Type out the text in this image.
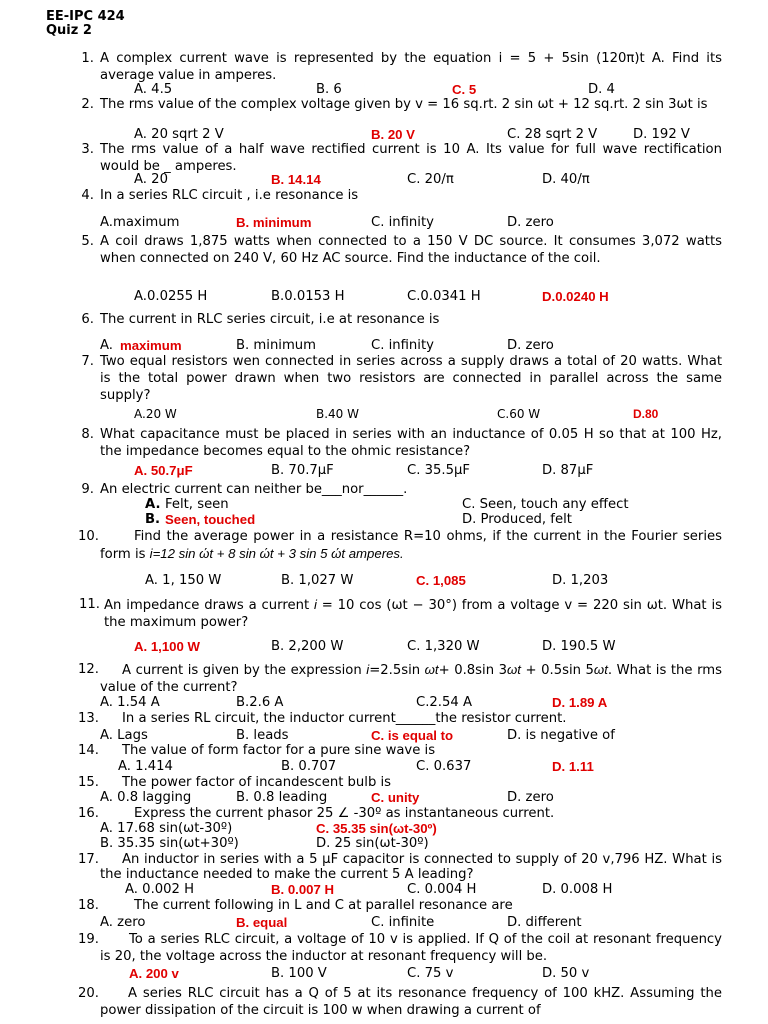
EE-IPC 424
Quiz 2
1. A complex current wave is represented by the equation i = 5 + 5sin (120π)t A. Find its average value in amperes.
A. 4.5	B. 6	C. 5	D. 4
2. The rms value of the complex voltage given by v = 16 sq.rt. 2 sin ωt + 12 sq.rt. 2 sin 3ωt is
A. 20 sqrt 2 V	B. 20 V	C. 28 sqrt 2 V	D. 192 V
3. The rms value of a half wave rectified current is 10 A. Its value for full wave rectification would be _ amperes.
A. 20	B. 14.14	C. 20/π	D. 40/π
4. In a series RLC circuit , i.e resonance is
A.maximum	B. minimum	C. infinity	D. zero
5. A coil draws 1,875 watts when connected to a 150 V DC source. It consumes 3,072 watts when connected on 240 V, 60 Hz AC source. Find the inductance of the coil.
A.0.0255 H	B.0.0153 H	C.0.0341 H	D.0.0240 H
6. The current in RLC series circuit, i.e at resonance is
A. maximum	B. minimum	C. infinity	D. zero
7. Two equal resistors wen connected in series across a supply draws a total of 20 watts. What is the total power drawn when two resistors are connected in parallel across the same supply?
A.20 W	B.40 W	C.60 W	D.80
8. What capacitance must be placed in series with an inductance of 0.05 H so that at 100 Hz, the impedance becomes equal to the ohmic resistance?
A. 50.7μF	B. 70.7μF	C. 35.5μF	D. 87μF
9. An electric current can neither be___nor______.
A. Felt, seen	C. Seen, touch any effect
B. Seen, touched	D. Produced, felt
10.	Find the average power in a resistance R=10 ohms, if the current in the Fourier series form is i=12 sin ώt + 8 sin ώt + 3 sin 5 ώt amperes.
A. 1, 150 W	B. 1,027 W	C. 1,085	D. 1,203
11. An impedance draws a current i = 10 cos (ωt − 30°) from a voltage v = 220 sin ωt. What is the maximum power?
A. 1,100 W	B. 2,200 W	C. 1,320 W	D. 190.5 W
12.	A current is given by the expression i=2.5sin ωt+ 0.8sin 3ωt + 0.5sin 5ωt. What is the rms value of the current?
A. 1.54 A	B.2.6 A	C.2.54 A	D. 1.89 A
13.	In a series RL circuit, the inductor current______the resistor current.
A. Lags	B. leads	C. is equal to	D. is negative of
14.	The value of form factor for a pure sine wave is
A. 1.414	B. 0.707	C. 0.637	D. 1.11
15.	The power factor of incandescent bulb is
A. 0.8 lagging	B. 0.8 leading	C. unity	D. zero
16.	Express the current phasor 25 ∠ -30º as instantaneous current.
A. 17.68 sin(ωt-30º)	C. 35.35 sin(ωt-30º)
B. 35.35 sin(ωt+30º)	D. 25 sin(ωt-30º)
17.	An inductor in series with a 5 μF capacitor is connected to supply of 20 v,796 HZ. What is the inductance needed to make the current 5 A leading?
A. 0.002 H	B. 0.007 H	C. 0.004 H	D. 0.008 H
18.	The current following in L and C at parallel resonance are
A. zero	B. equal	C. infinite	D. different
19.	To a series RLC circuit, a voltage of 10 v is applied. If Q of the coil at resonant frequency is 20, the voltage across the inductor at resonant frequency will be.
A. 200 v	B. 100 V	C. 75 v	D. 50 v
20.	A series RLC circuit has a Q of 5 at its resonance frequency of 100 kHZ. Assuming the power dissipation of the circuit is 100 w when drawing a current of
